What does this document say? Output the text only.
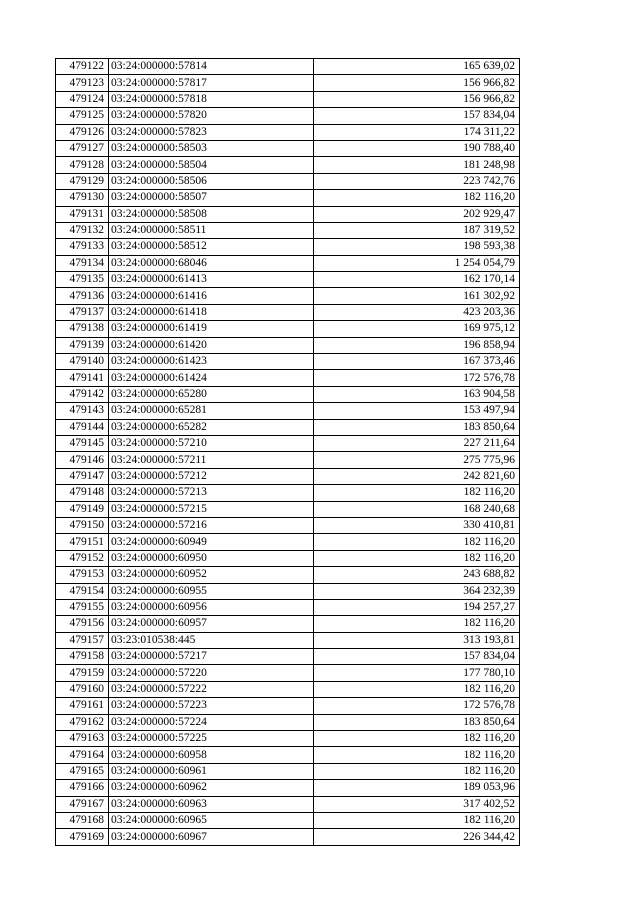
479122	03:24:000000:57814	165 639,02
479123	03:24:000000:57817	156 966,82
479124	03:24:000000:57818	156 966,82
479125	03:24:000000:57820	157 834,04
479126	03:24:000000:57823	174 311,22
479127	03:24:000000:58503	190 788,40
479128	03:24:000000:58504	181 248,98
479129	03:24:000000:58506	223 742,76
479130	03:24:000000:58507	182 116,20
479131	03:24:000000:58508	202 929,47
479132	03:24:000000:58511	187 319,52
479133	03:24:000000:58512	198 593,38
479134	03:24:000000:68046	1 254 054,79
479135	03:24:000000:61413	162 170,14
479136	03:24:000000:61416	161 302,92
479137	03:24:000000:61418	423 203,36
479138	03:24:000000:61419	169 975,12
479139	03:24:000000:61420	196 858,94
479140	03:24:000000:61423	167 373,46
479141	03:24:000000:61424	172 576,78
479142	03:24:000000:65280	163 904,58
479143	03:24:000000:65281	153 497,94
479144	03:24:000000:65282	183 850,64
479145	03:24:000000:57210	227 211,64
479146	03:24:000000:57211	275 775,96
479147	03:24:000000:57212	242 821,60
479148	03:24:000000:57213	182 116,20
479149	03:24:000000:57215	168 240,68
479150	03:24:000000:57216	330 410,81
479151	03:24:000000:60949	182 116,20
479152	03:24:000000:60950	182 116,20
479153	03:24:000000:60952	243 688,82
479154	03:24:000000:60955	364 232,39
479155	03:24:000000:60956	194 257,27
479156	03:24:000000:60957	182 116,20
479157	03:23:010538:445	313 193,81
479158	03:24:000000:57217	157 834,04
479159	03:24:000000:57220	177 780,10
479160	03:24:000000:57222	182 116,20
479161	03:24:000000:57223	172 576,78
479162	03:24:000000:57224	183 850,64
479163	03:24:000000:57225	182 116,20
479164	03:24:000000:60958	182 116,20
479165	03:24:000000:60961	182 116,20
479166	03:24:000000:60962	189 053,96
479167	03:24:000000:60963	317 402,52
479168	03:24:000000:60965	182 116,20
479169	03:24:000000:60967	226 344,42
